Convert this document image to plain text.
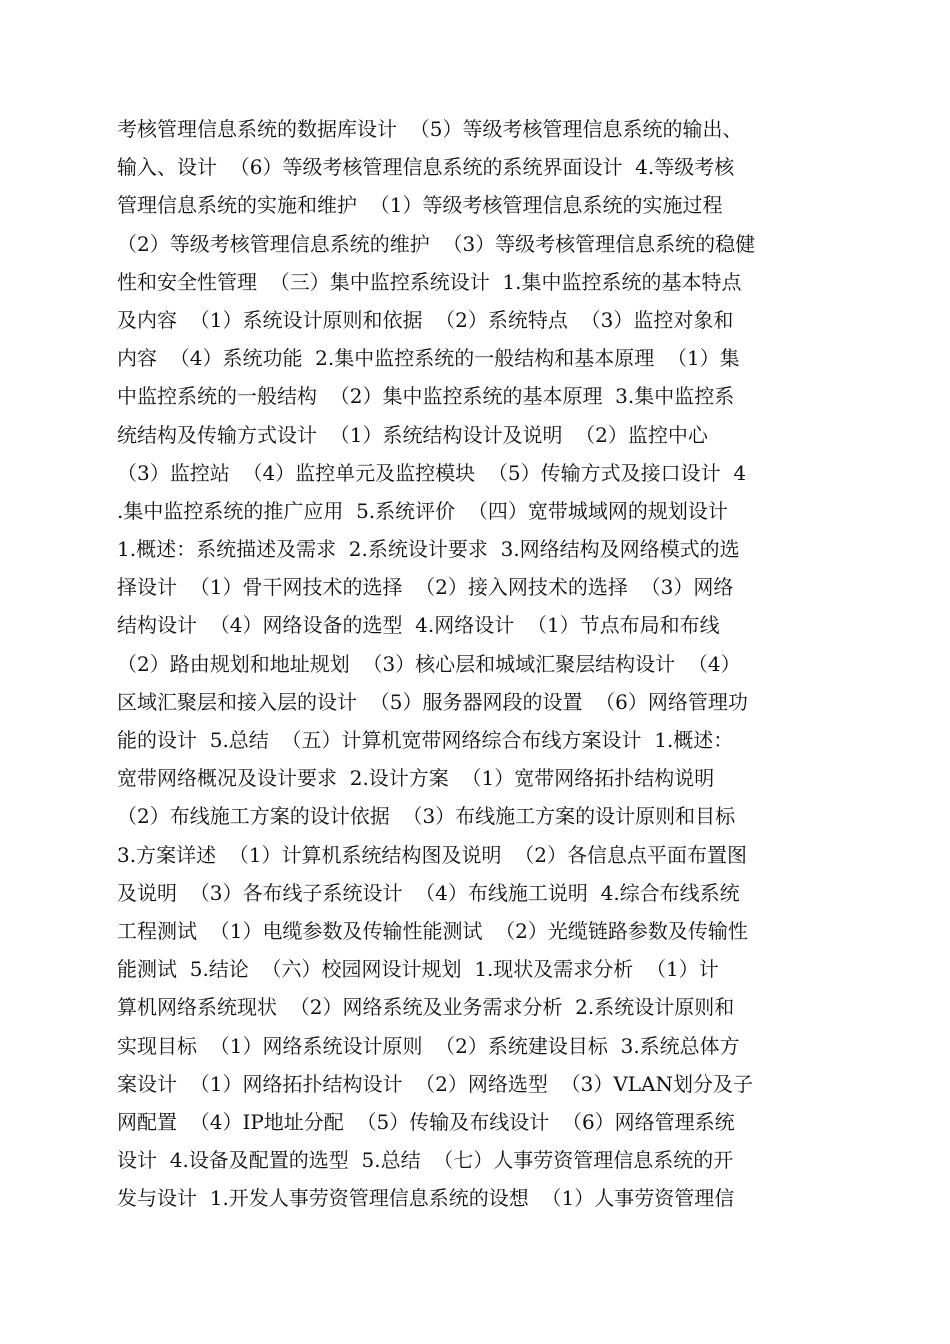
考核管理信息系统的数据库设计  （5）等级考核管理信息系统的输出、
输入、设计  （6）等级考核管理信息系统的系统界面设计  4.等级考核
管理信息系统的实施和维护  （1）等级考核管理信息系统的实施过程
（2）等级考核管理信息系统的维护  （3）等级考核管理信息系统的稳健
性和安全性管理  （三）集中监控系统设计  1.集中监控系统的基本特点
及内容  （1）系统设计原则和依据  （2）系统特点  （3）监控对象和
内容  （4）系统功能  2.集中监控系统的一般结构和基本原理  （1）集
中监控系统的一般结构  （2）集中监控系统的基本原理  3.集中监控系
统结构及传输方式设计  （1）系统结构设计及说明  （2）监控中心
（3）监控站  （4）监控单元及监控模块  （5）传输方式及接口设计  4
.集中监控系统的推广应用  5.系统评价  （四）宽带城域网的规划设计
1.概述：系统描述及需求  2.系统设计要求  3.网络结构及网络模式的选
择设计  （1）骨干网技术的选择  （2）接入网技术的选择  （3）网络
结构设计  （4）网络设备的选型  4.网络设计  （1）节点布局和布线
（2）路由规划和地址规划  （3）核心层和城域汇聚层结构设计  （4）
区域汇聚层和接入层的设计  （5）服务器网段的设置  （6）网络管理功
能的设计  5.总结  （五）计算机宽带网络综合布线方案设计  1.概述：
宽带网络概况及设计要求  2.设计方案  （1）宽带网络拓扑结构说明
（2）布线施工方案的设计依据  （3）布线施工方案的设计原则和目标
3.方案详述  （1）计算机系统结构图及说明  （2）各信息点平面布置图
及说明  （3）各布线子系统设计  （4）布线施工说明  4.综合布线系统
工程测试  （1）电缆参数及传输性能测试  （2）光缆链路参数及传输性
能测试  5.结论  （六）校园网设计规划  1.现状及需求分析  （1）计
算机网络系统现状  （2）网络系统及业务需求分析  2.系统设计原则和
实现目标  （1）网络系统设计原则  （2）系统建设目标  3.系统总体方
案设计  （1）网络拓扑结构设计  （2）网络选型  （3）VLAN划分及子
网配置  （4）IP地址分配  （5）传输及布线设计  （6）网络管理系统
设计  4.设备及配置的选型  5.总结  （七）人事劳资管理信息系统的开
发与设计  1.开发人事劳资管理信息系统的设想  （1）人事劳资管理信
